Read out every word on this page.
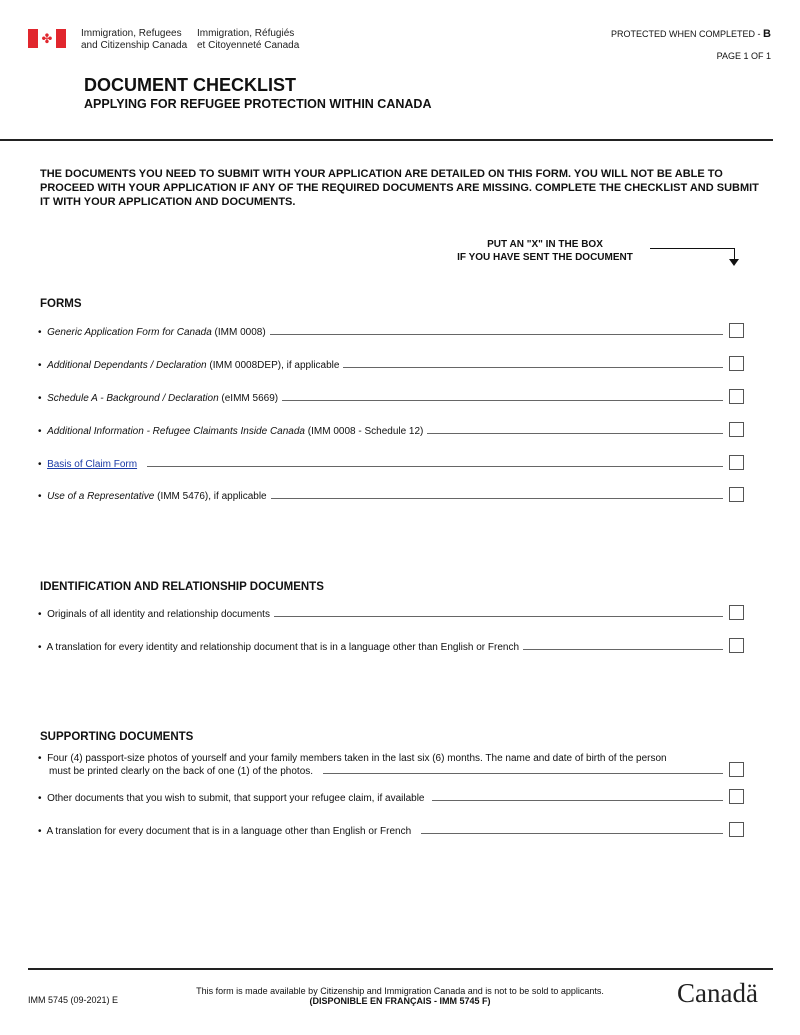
✤	Immigration, Refugees
and Citizenship Canada
Immigration, Réfugiés
et Citoyenneté Canada
PROTECTED WHEN COMPLETED - B
PAGE 1 OF 1
DOCUMENT CHECKLIST
APPLYING FOR REFUGEE PROTECTION WITHIN CANADA
THE DOCUMENTS YOU NEED TO SUBMIT WITH YOUR APPLICATION ARE DETAILED ON THIS FORM. YOU WILL NOT BE ABLE TO PROCEED WITH YOUR APPLICATION IF ANY OF THE REQUIRED DOCUMENTS ARE MISSING. COMPLETE THE CHECKLIST AND SUBMIT IT WITH YOUR APPLICATION AND DOCUMENTS.
PUT AN "X" IN THE BOX
IF YOU HAVE SENT THE DOCUMENT
FORMS
•  Generic Application Form for Canada (IMM 0008)
•  Additional Dependants / Declaration (IMM 0008DEP), if applicable
•  Schedule A - Background / Declaration (eIMM 5669)
•  Additional Information - Refugee Claimants Inside Canada (IMM 0008 - Schedule 12)
•  Basis of Claim Form
•  Use of a Representative (IMM 5476), if applicable
IDENTIFICATION AND RELATIONSHIP DOCUMENTS
•  Originals of all identity and relationship documents
•  A translation for every identity and relationship document that is in a language other than English or French
SUPPORTING DOCUMENTS
•  Four (4) passport-size photos of yourself and your family members taken in the last six (6) months. The name and date of birth of the person
must be printed clearly on the back of one (1) of the photos.
•  Other documents that you wish to submit, that support your refugee claim, if available
•  A translation for every document that is in a language other than English or French
IMM 5745 (09-2021) E
This form is made available by Citizenship and Immigration Canada and is not to be sold to applicants.
(DISPONIBLE EN FRANÇAIS - IMM 5745 F)	Canadä
